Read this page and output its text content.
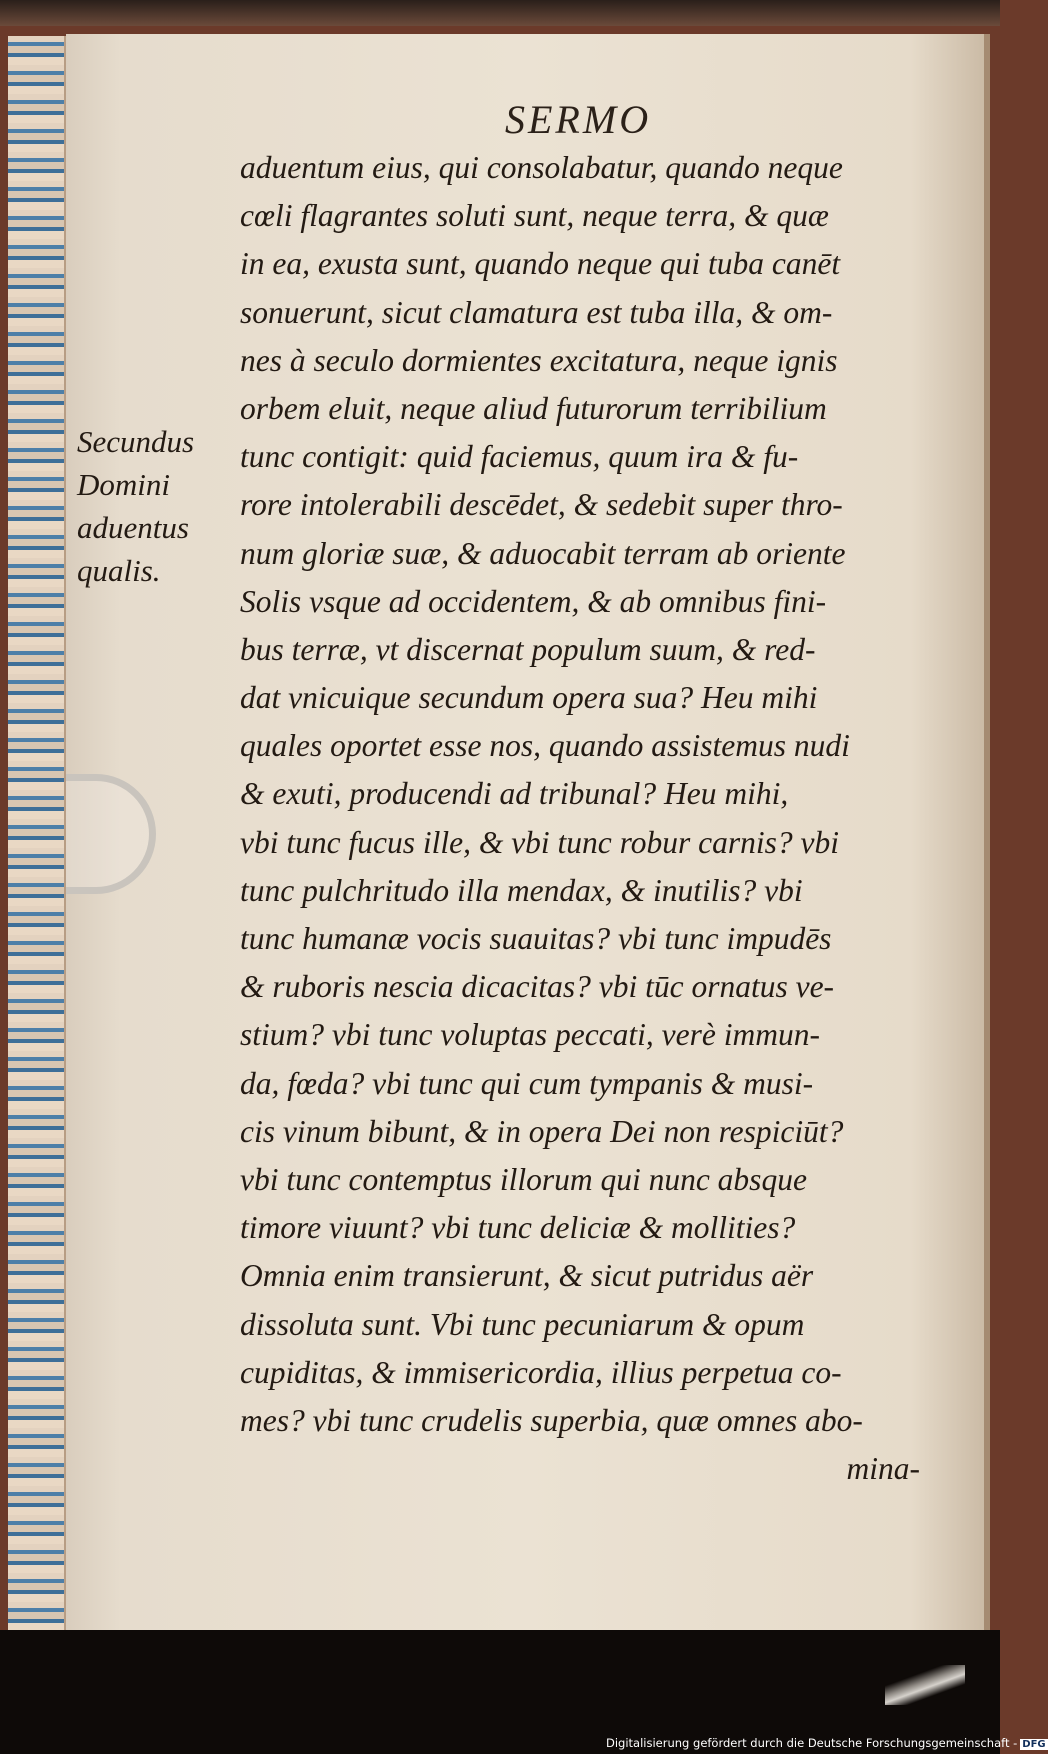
SERMO
Secundus
Domini
aduentus
qualis.
aduentum eius, qui consolabatur, quando neque
cœli flagrantes soluti sunt, neque terra, & quæ
in ea, exusta sunt, quando neque qui tuba canēt
sonuerunt, sicut clamatura est tuba illa, & om-
nes à seculo dormientes excitatura, neque ignis
orbem eluit, neque aliud futurorum terribilium
tunc contigit: quid faciemus, quum ira & fu-
rore intolerabili descēdet, & sedebit super thro-
num gloriæ suæ, & aduocabit terram ab oriente
Solis vsque ad occidentem, & ab omnibus fini-
bus terræ, vt discernat populum suum, & red-
dat vnicuique secundum opera sua? Heu mihi
quales oportet esse nos, quando assistemus nudi
& exuti, producendi ad tribunal? Heu mihi,
vbi tunc fucus ille, & vbi tunc robur carnis? vbi
tunc pulchritudo illa mendax, & inutilis? vbi
tunc humanæ vocis suauitas? vbi tunc impudēs
& ruboris nescia dicacitas? vbi tūc ornatus ve-
stium? vbi tunc voluptas peccati, verè immun-
da, fœda? vbi tunc qui cum tympanis & musi-
cis vinum bibunt, & in opera Dei non respiciūt?
vbi tunc contemptus illorum qui nunc absque
timore viuunt? vbi tunc deliciæ & mollities?
Omnia enim transierunt, & sicut putridus aër
dissoluta sunt. Vbi tunc pecuniarum & opum
cupiditas, & immisericordia, illius perpetua co-
mes? vbi tunc crudelis superbia, quæ omnes abo-
mina-
Digitalisierung gefördert durch die Deutsche Forschungsgemeinschaft - DFG
